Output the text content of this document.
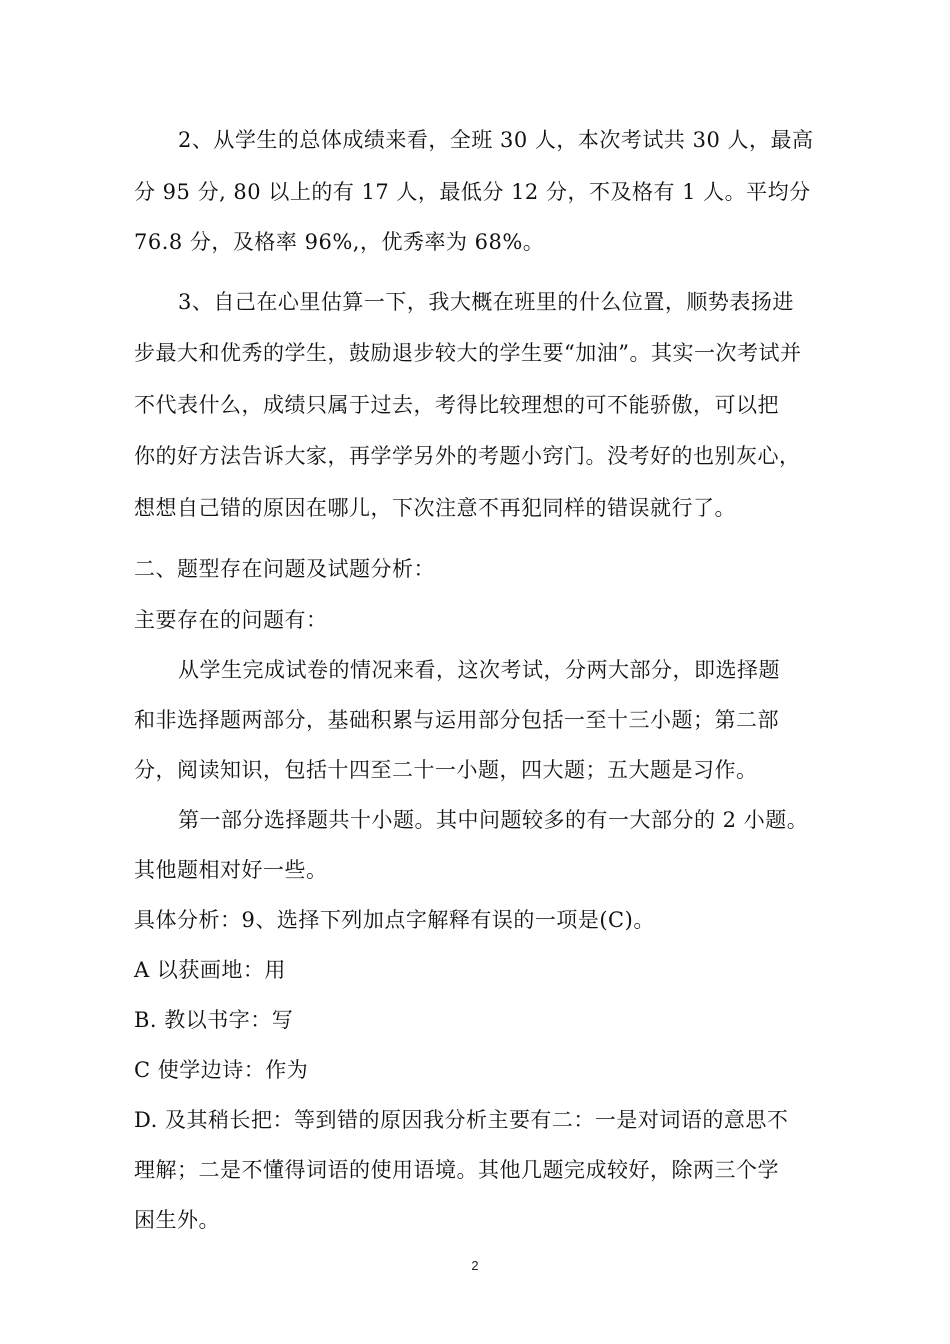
2、从学生的总体成绩来看，全班 30 人，本次考试共 30 人，最高
分 95 分, 80 以上的有 17 人，最低分 12 分，不及格有 1 人。平均分
76.8 分，及格率 96%,，优秀率为 68%。
3、自己在心里估算一下，我大概在班里的什么位置，顺势表扬进
步最大和优秀的学生，鼓励退步较大的学生要“加油”。其实一次考试并
不代表什么，成绩只属于过去，考得比较理想的可不能骄傲，可以把
你的好方法告诉大家，再学学另外的考题小窍门。没考好的也别灰心，
想想自己错的原因在哪儿，下次注意不再犯同样的错误就行了。
二、题型存在问题及试题分析：
主要存在的问题有：
从学生完成试卷的情况来看，这次考试，分两大部分，即选择题
和非选择题两部分，基础积累与运用部分包括一至十三小题；第二部
分，阅读知识，包括十四至二十一小题，四大题；五大题是习作。
第一部分选择题共十小题。其中问题较多的有一大部分的 2 小题。
其他题相对好一些。
具体分析：9、选择下列加点字解释有误的一项是(C)。
A 以获画地：用
B. 教以书字：写
C 使学边诗：作为
D. 及其稍长把：等到错的原因我分析主要有二：一是对词语的意思不
理解；二是不懂得词语的使用语境。其他几题完成较好，除两三个学
困生外。
2
